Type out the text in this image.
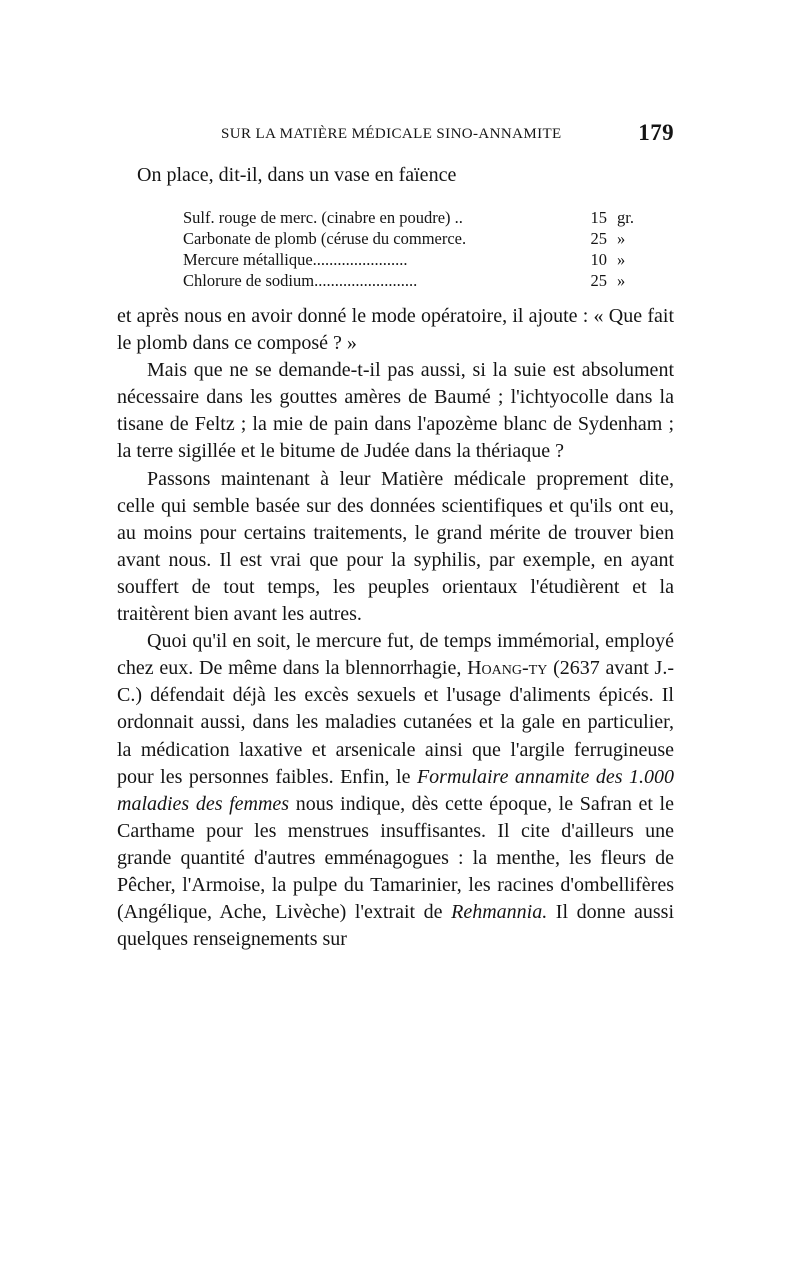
SUR LA MATIÈRE MÉDICALE SINO-ANNAMITE	179
On place, dit-il, dans un vase en faïence
Sulf. rouge de merc. (cinabre en poudre) ..	15 gr.
Carbonate de plomb (céruse du commerce.	25 »
Mercure métallique.......................	10 »
Chlorure de sodium.........................	25 »

et après nous en avoir donné le mode opératoire, il ajoute : « Que fait le plomb dans ce composé ? »

Mais que ne se demande-t-il pas aussi, si la suie est absolument nécessaire dans les gouttes amères de Baumé ; l'ichtyocolle dans la tisane de Feltz ; la mie de pain dans l'apozème blanc de Sydenham ; la terre sigillée et le bitume de Judée dans la thériaque ?

Passons maintenant à leur Matière médicale proprement dite, celle qui semble basée sur des données scientifiques et qu'ils ont eu, au moins pour certains traitements, le grand mérite de trouver bien avant nous. Il est vrai que pour la syphilis, par exemple, en ayant souffert de tout temps, les peuples orientaux l'étudièrent et la traitèrent bien avant les autres.

Quoi qu'il en soit, le mercure fut, de temps immémorial, employé chez eux. De même dans la blennorrhagie, Hoang-ty (2637 avant J.-C.) défendait déjà les excès sexuels et l'usage d'aliments épicés. Il ordonnait aussi, dans les maladies cutanées et la gale en particulier, la médication laxative et arsenicale ainsi que l'argile ferrugineuse pour les personnes faibles. Enfin, le Formulaire annamite des 1.000 maladies des femmes nous indique, dès cette époque, le Safran et le Carthame pour les menstrues insuffisantes. Il cite d'ailleurs une grande quantité d'autres emménagogues : la menthe, les fleurs de Pêcher, l'Armoise, la pulpe du Tamarinier, les racines d'ombellifères (Angélique, Ache, Livèche) l'extrait de Rehmannia. Il donne aussi quelques renseignements sur
